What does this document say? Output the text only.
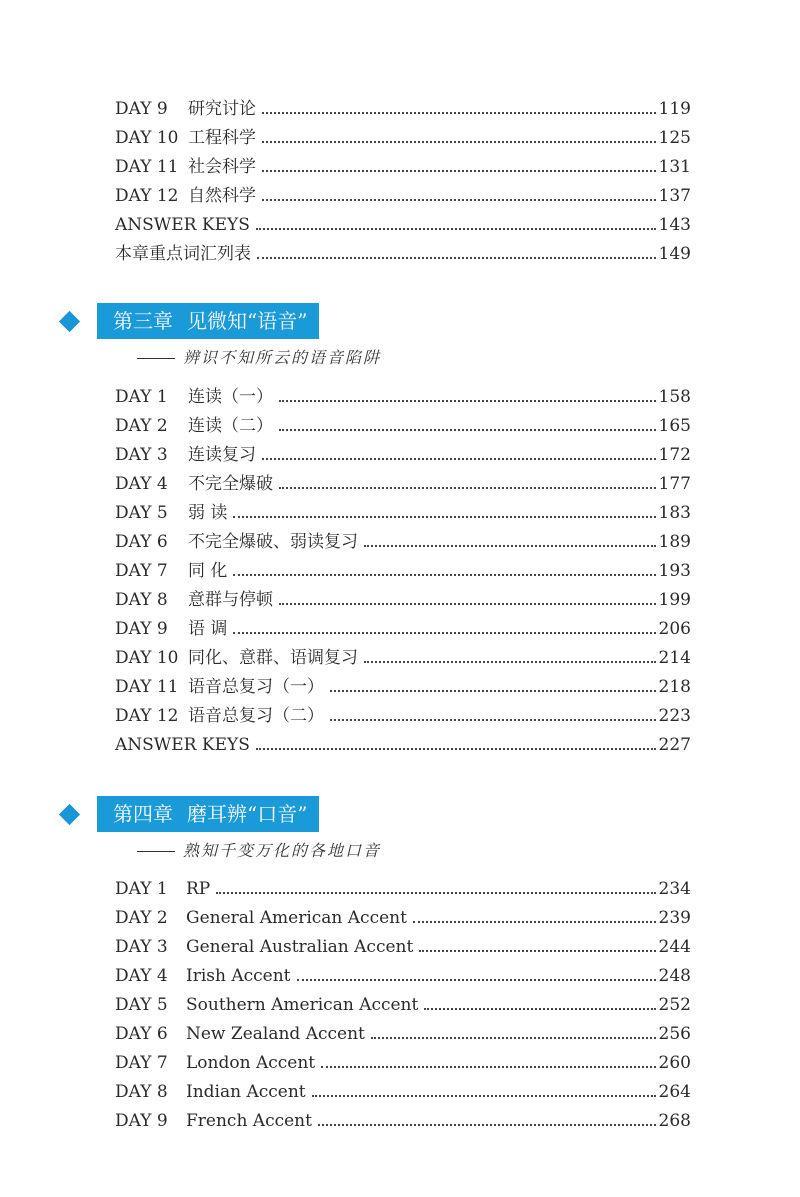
DAY 9	研究讨论	119
DAY 10 工程科学	125
DAY 11 社会科学	131
DAY 12 自然科学	137
ANSWER KEYS	143
本章重点词汇列表	149
第三章 见微知“语音”
辨识不知所云的语音陷阱
DAY 1	连读（一）	158
DAY 2	连读（二）	165
DAY 3	连读复习	172
DAY 4	不完全爆破	177
DAY 5	弱 读	183
DAY 6	不完全爆破、弱读复习	189
DAY 7	同 化	193
DAY 8	意群与停顿	199
DAY 9	语 调	206
DAY 10 同化、意群、语调复习	214
DAY 11 语音总复习（一）	218
DAY 12 语音总复习（二）	223
ANSWER KEYS	227
第四章 磨耳辨“口音”
熟知千变万化的各地口音
DAY 1	RP	234
DAY 2	General American Accent	239
DAY 3	General Australian Accent	244
DAY 4	Irish Accent	248
DAY 5	Southern American Accent	252
DAY 6	New Zealand Accent	256
DAY 7	London Accent	260
DAY 8	Indian Accent	264
DAY 9	French Accent	268
